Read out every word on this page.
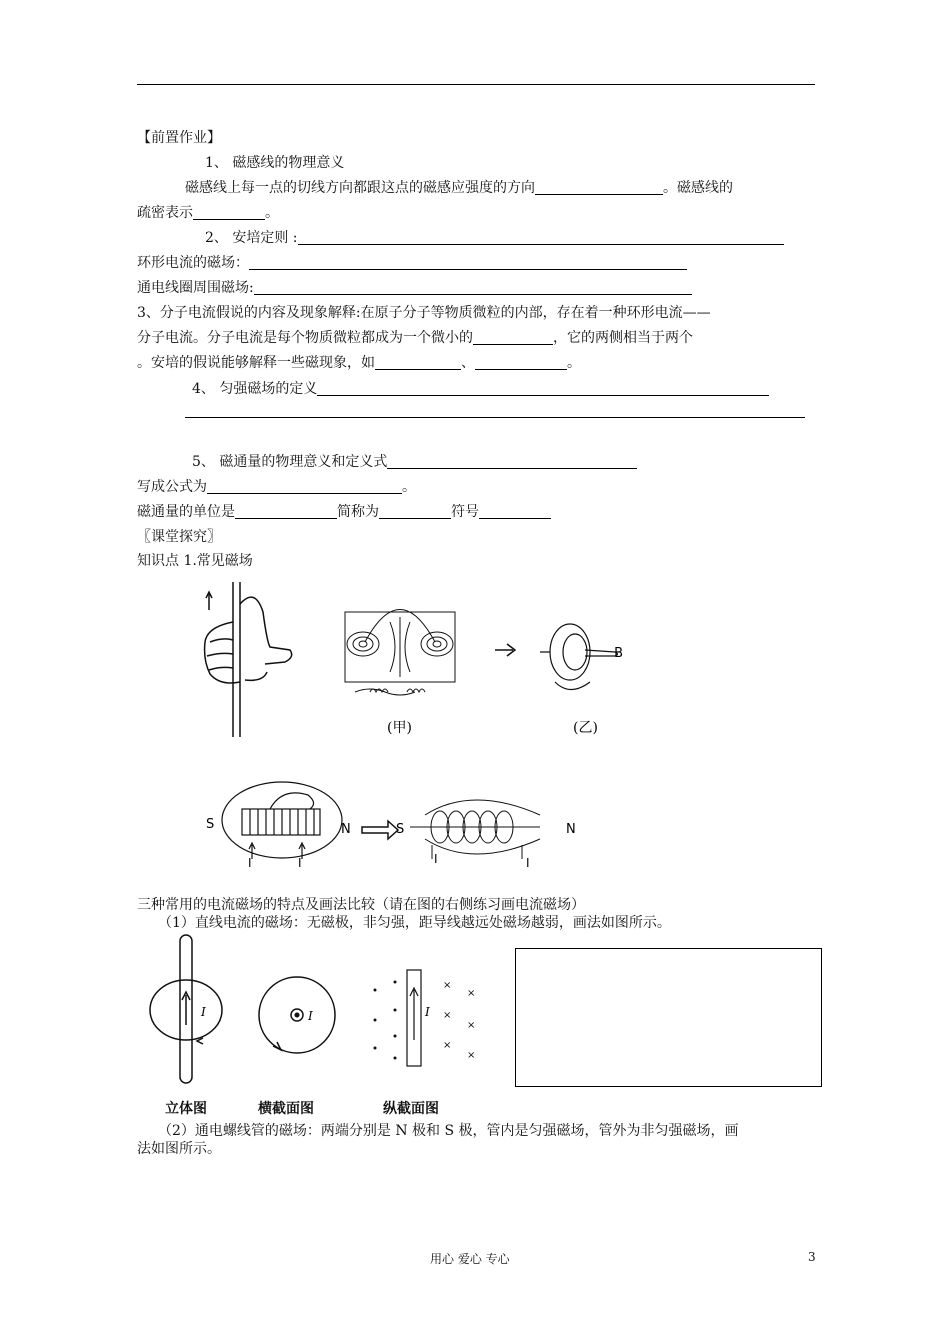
【前置作业】
1、 磁感线的物理意义
磁感线上每一点的切线方向都跟这点的磁感应强度的方向	。磁感线的
疏密表示	。
2、 安培定则 :
环形电流的磁场：
通电线圈周围磁场:
3、分子电流假说的内容及现象解释:在原子分子等物质微粒的内部，存在着一种环形电流——
分子电流。分子电流是每个物质微粒都成为一个微小的	，它的两侧相当于两个
。安培的假说能够解释一些磁现象，如	、	。
4、 匀强磁场的定义
5、 磁通量的物理意义和定义式
写成公式为	。
磁通量的单位是	简称为	符号
〖课堂探究〗
知识点 1.常见磁场
(甲)
B
(乙)
S	N
I	I
S	N
I	I
三种常用的电流磁场的特点及画法比较（请在图的右侧练习画电流磁场）
（1）直线电流的磁场：无磁极，非匀强，距导线越远处磁场越弱，画法如图所示。
I
×
×
×
×
×
×
I
I
立体图	横截面图	纵截面图
（2）通电螺线管的磁场：两端分别是 N 极和 S 极，管内是匀强磁场，管外为非匀强磁场，画
法如图所示。
用心 爱心 专心	3
